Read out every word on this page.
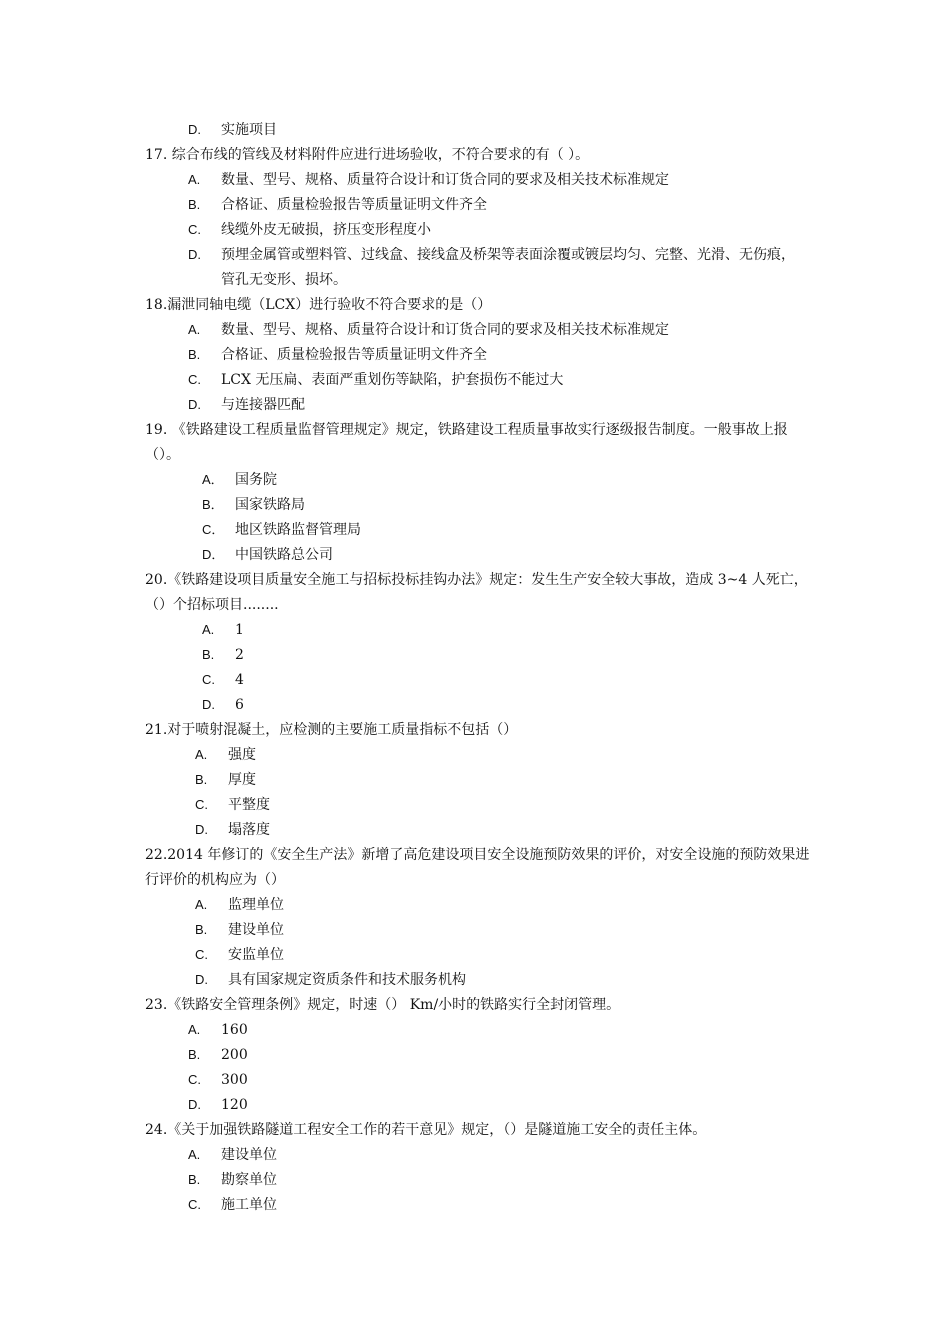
D. 实施项目
17. 综合布线的管线及材料附件应进行进场验收，不符合要求的有（ ）。
A. 数量、型号、规格、质量符合设计和订货合同的要求及相关技术标准规定
B. 合格证、质量检验报告等质量证明文件齐全
C. 线缆外皮无破损，挤压变形程度小
D. 预埋金属管或塑料管、过线盒、接线盒及桥架等表面涂覆或镀层均匀、完整、光滑、无伤痕，
管孔无变形、损坏。
18.漏泄同轴电缆（LCX）进行验收不符合要求的是（）
A. 数量、型号、规格、质量符合设计和订货合同的要求及相关技术标准规定
B. 合格证、质量检验报告等质量证明文件齐全
C. LCX 无压扁、表面严重划伤等缺陷，护套损伤不能过大
D. 与连接器匹配
19. 《铁路建设工程质量监督管理规定》规定，铁路建设工程质量事故实行逐级报告制度。一般事故上报
（）。
A． 国务院
B． 国家铁路局
C． 地区铁路监督管理局
D． 中国铁路总公司
20.《铁路建设项目质量安全施工与招标投标挂钩办法》规定：发生生产安全较大事故，造成 3~4 人死亡，
（）个招标项目........
A. 1
B. 2
C. 4
D. 6
21.对于喷射混凝土，应检测的主要施工质量指标不包括（）
A. 强度
B. 厚度
C. 平整度
D. 塌落度
22.2014 年修订的《安全生产法》新增了高危建设项目安全设施预防效果的评价，对安全设施的预防效果进
行评价的机构应为（）
A. 监理单位
B. 建设单位
C. 安监单位
D. 具有国家规定资质条件和技术服务机构
23.《铁路安全管理条例》规定，时速（） Km/小时的铁路实行全封闭管理。
A. 160
B. 200
C. 300
D. 120
24.《关于加强铁路隧道工程安全工作的若干意见》规定，（）是隧道施工安全的责任主体。
A. 建设单位
B. 勘察单位
C. 施工单位
